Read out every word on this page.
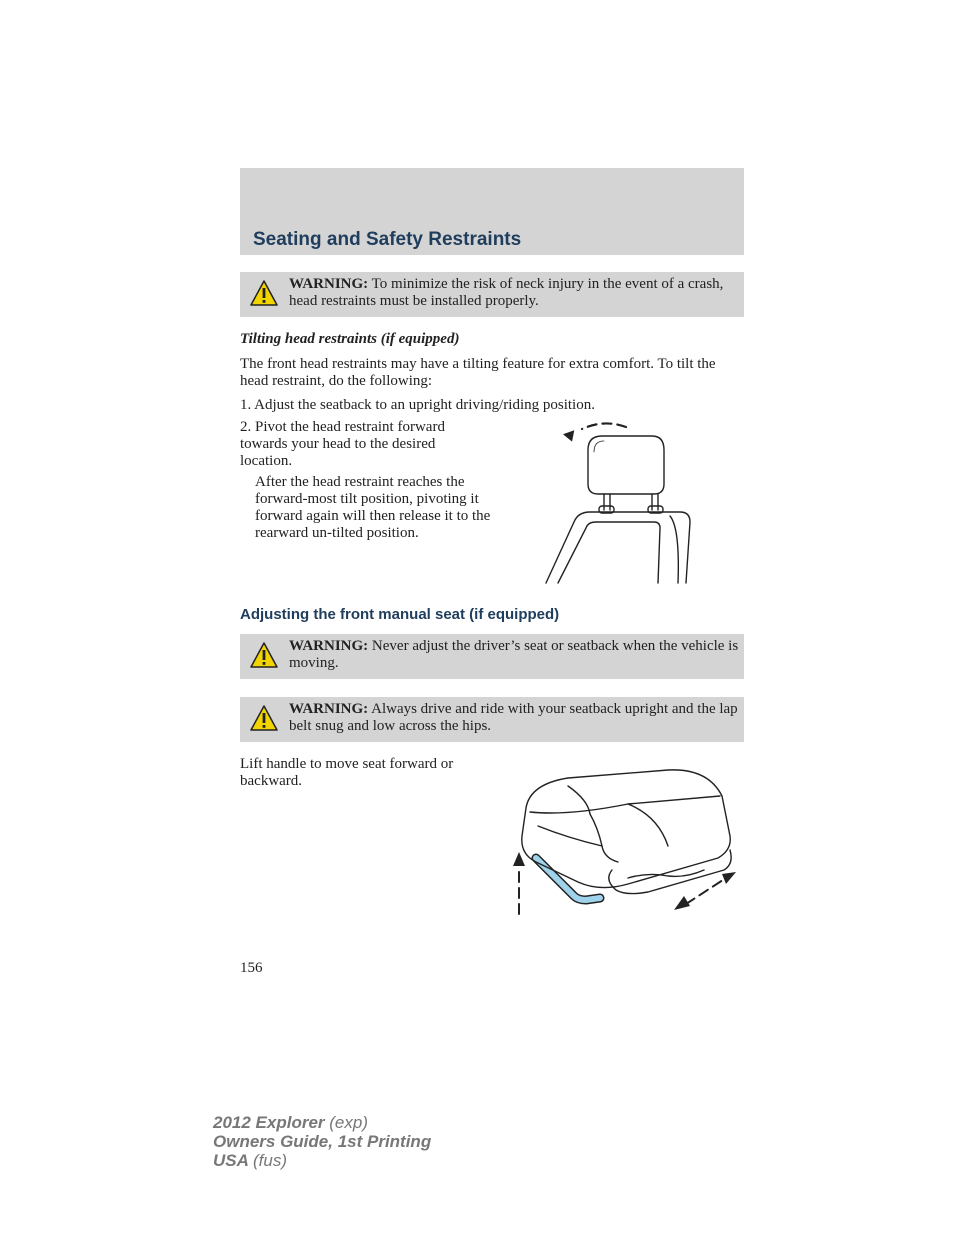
Seating and Safety Restraints
WARNING: To minimize the risk of neck injury in the event of a crash, head restraints must be installed properly.
Tilting head restraints (if equipped)

The front head restraints may have a tilting feature for extra comfort. To tilt the head restraint, do the following:

1. Adjust the seatback to an upright driving/riding position.

2. Pivot the head restraint forward towards your head to the desired location.

After the head restraint reaches the forward-most tilt position, pivoting it forward again will then release it to the rearward un-tilted position.

Adjusting the front manual seat (if equipped)
WARNING: Never adjust the driver’s seat or seatback when the vehicle is moving.
WARNING: Always drive and ride with your seatback upright and the lap belt snug and low across the hips.

Lift handle to move seat forward or backward.

156
2012 Explorer (exp)
Owners Guide, 1st Printing
USA (fus)
